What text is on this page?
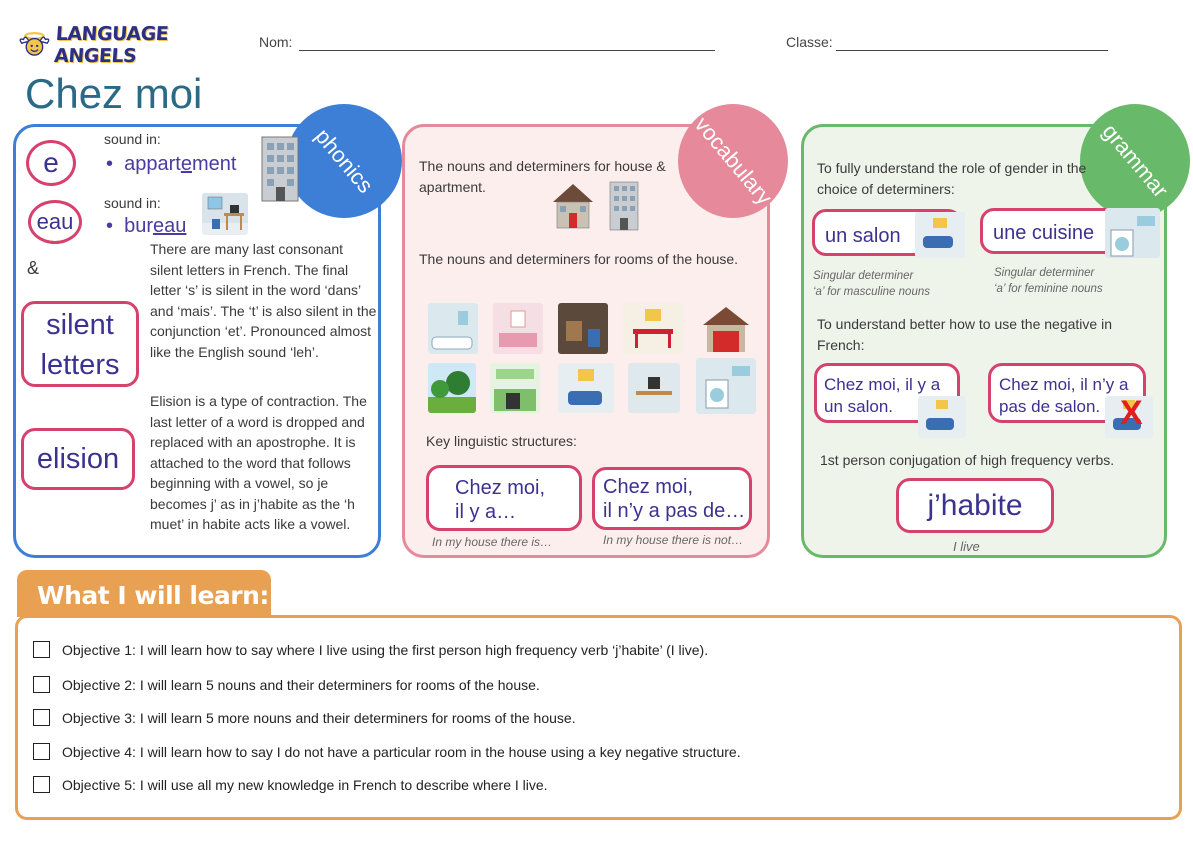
LANGUAGE ANGELS
Nom:	Classe:
Chez moi
phonics
e
sound in:
•  appartement
eau
sound in:
•  bureau
&
silent
letters
There are many last consonant silent letters in French. The final letter ‘s’ is silent in the word ‘dans’ and ‘mais’. The ‘t’ is also silent in the conjunction ‘et’. Pronounced almost like the English sound ‘leh’.
elision
Elision is a type of contraction. The last letter of a word is dropped and replaced with an apostrophe. It is attached to the word that follows beginning with a vowel, so je becomes j’ as in j’habite as the ‘h muet’ in habite acts like a vowel.
vocabulary
The nouns and determiners for house & apartment.
The nouns and determiners for rooms of the house.
Key linguistic structures:
Chez moi,
il y a…
Chez moi,
il n’y a pas de…
In my house there is…	In my house there is not…
grammar
To fully understand the role of gender in the choice of determiners:
un salon	une cuisine
Singular determiner
‘a’ for masculine nouns
Singular determiner
‘a’ for feminine nouns
To understand better how to use the negative in French:
Chez moi, il y a
un salon.
Chez moi, il n’y a
pas de salon. X
1st person conjugation of high frequency verbs.
j’habite
I live
What I will learn:
Objective 1: I will learn how to say where I live using the first person high frequency verb ‘j’habite’ (I live).
Objective 2: I will learn 5 nouns and their determiners for rooms of the house.
Objective 3: I will learn 5 more nouns and their determiners for rooms of the house.
Objective 4: I will learn how to say I do not have a particular room in the house using a key negative structure.
Objective 5: I will use all my new knowledge in French to describe where I live.
